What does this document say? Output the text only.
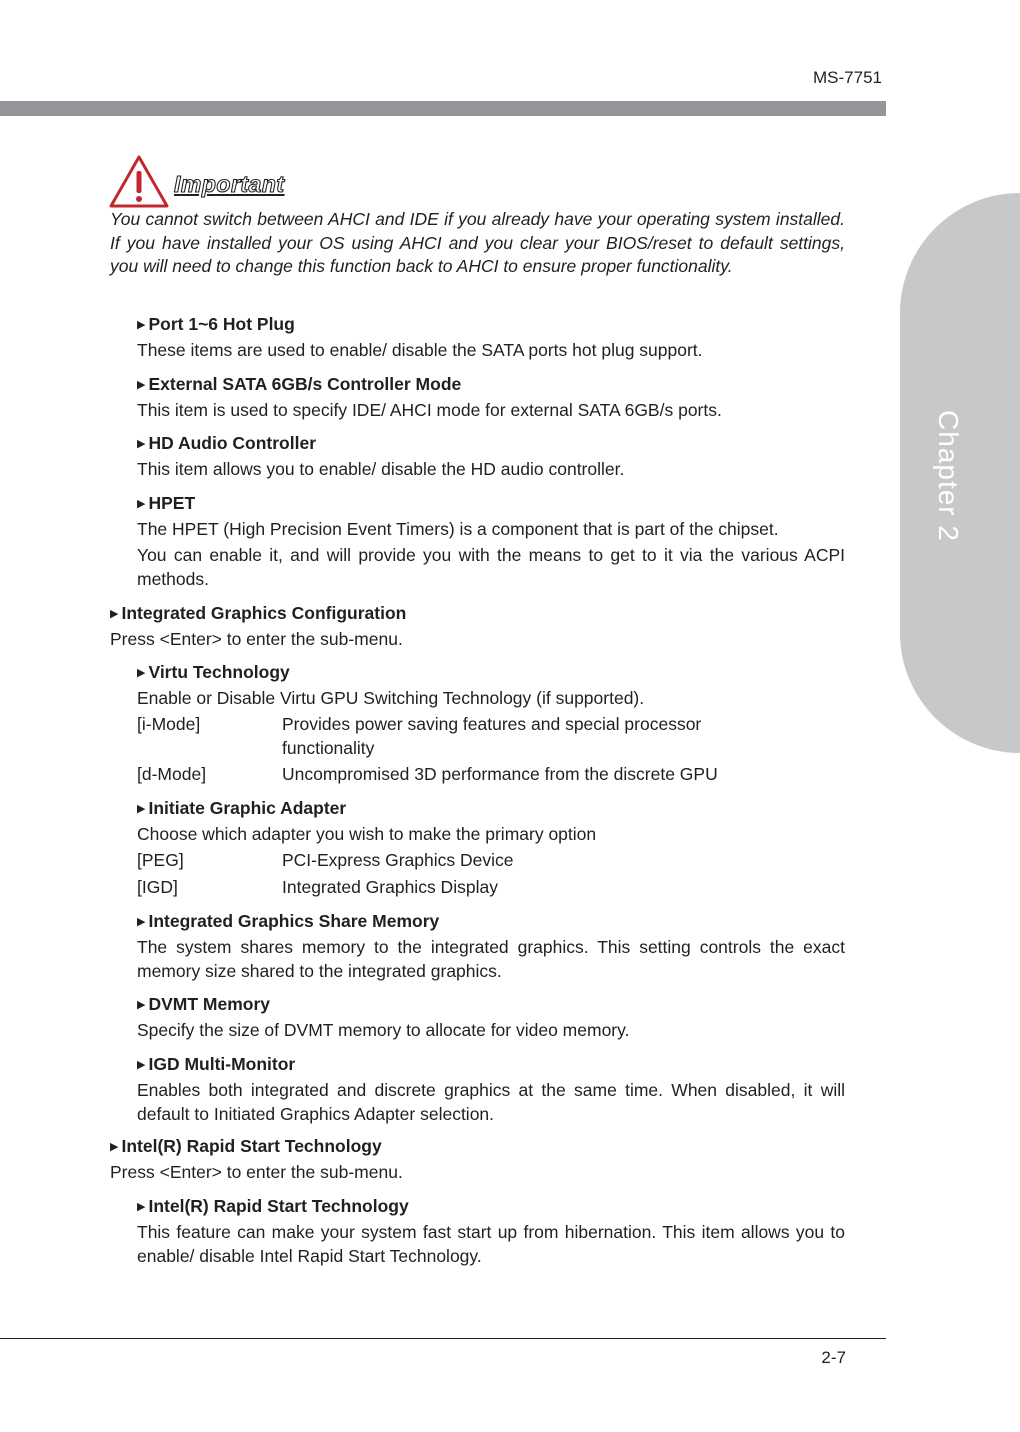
MS-7751
Chapter 2
Important
You cannot switch between AHCI and IDE if you already have your operating system installed. If you have installed your OS using AHCI and you clear your BIOS/reset to default settings, you will need to change this function back to AHCI to ensure proper functionality.
▶ Port 1~6 Hot Plug
These items are used to enable/ disable the SATA ports hot plug support.
▶ External SATA 6GB/s Controller Mode
This item is used to specify IDE/ AHCI mode for external SATA 6GB/s ports.
▶ HD Audio Controller
This item allows you to enable/ disable the HD audio controller.
▶ HPET
The HPET (High Precision Event Timers) is a component that is part of the chipset.
You can enable it, and will provide you with the means to get to it via the various ACPI methods.
▶ Integrated Graphics Configuration
Press <Enter> to enter the sub-menu.
▶ Virtu Technology
Enable or Disable Virtu GPU Switching Technology (if supported).
[i-Mode]	Provides power saving features and special processor functionality
[d-Mode]	Uncompromised 3D performance from the discrete GPU
▶ Initiate Graphic Adapter
Choose which adapter you wish to make the primary option
[PEG]	PCI-Express Graphics Device
[IGD]	Integrated Graphics Display
▶ Integrated Graphics Share Memory
The system shares memory to the integrated graphics. This setting controls the exact memory size shared to the integrated graphics.
▶ DVMT Memory
Specify the size of DVMT memory to allocate for video memory.
▶ IGD Multi-Monitor
Enables both integrated and discrete graphics at the same time. When disabled, it will default to Initiated Graphics Adapter selection.
▶ Intel(R) Rapid Start Technology
Press <Enter> to enter the sub-menu.
▶ Intel(R) Rapid Start Technology
This feature can make your system fast start up from hibernation. This item allows you to enable/ disable Intel Rapid Start Technology.
2-7
